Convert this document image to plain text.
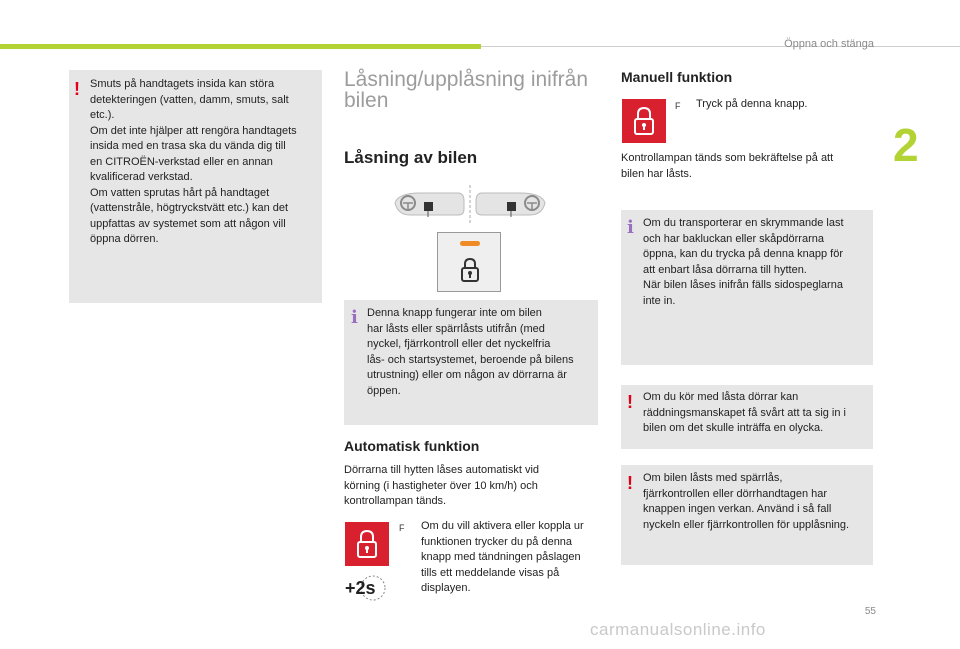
Öppna och stänga
2
! Smuts på handtagets insida kan störa
detekteringen (vatten, damm, smuts, salt
etc.).
Om det inte hjälper att rengöra handtagets
insida med en trasa ska du vända dig till
en CITROËN-verkstad eller en annan
kvalificerad verkstad.
Om vatten sprutas hårt på handtaget
(vattenstråle, högtryckstvätt etc.) kan det
uppfattas av systemet som att någon vill
öppna dörren.
Låsning/upplåsning inifrån
bilen
Låsning av bilen
i Denna knapp fungerar inte om bilen
har låsts eller spärrlåsts utifrån (med
nyckel, fjärrkontroll eller det nyckelfria
lås- och startsystemet, beroende på bilens
utrustning) eller om någon av dörrarna är
öppen.
Automatisk funktion
Dörrarna till hytten låses automatiskt vid
körning (i hastigheter över 10 km/h) och
kontrollampan tänds.
+2s
F Om du vill aktivera eller koppla ur
funktionen trycker du på denna
knapp med tändningen påslagen
tills ett meddelande visas på
displayen.
Manuell funktion
F Tryck på denna knapp.
Kontrollampan tänds som bekräftelse på att
bilen har låsts.
i Om du transporterar en skrymmande last
och har bakluckan eller skåpdörrarna
öppna, kan du trycka på denna knapp för
att enbart låsa dörrarna till hytten.
När bilen låses inifrån fälls sidospeglarna
inte in.
! Om du kör med låsta dörrar kan
räddningsmanskapet få svårt att ta sig in i
bilen om det skulle inträffa en olycka.
! Om bilen låsts med spärrlås,
fjärrkontrollen eller dörrhandtagen har
knappen ingen verkan. Använd i så fall
nyckeln eller fjärrkontrollen för upplåsning.
55
carmanualsonline.info
